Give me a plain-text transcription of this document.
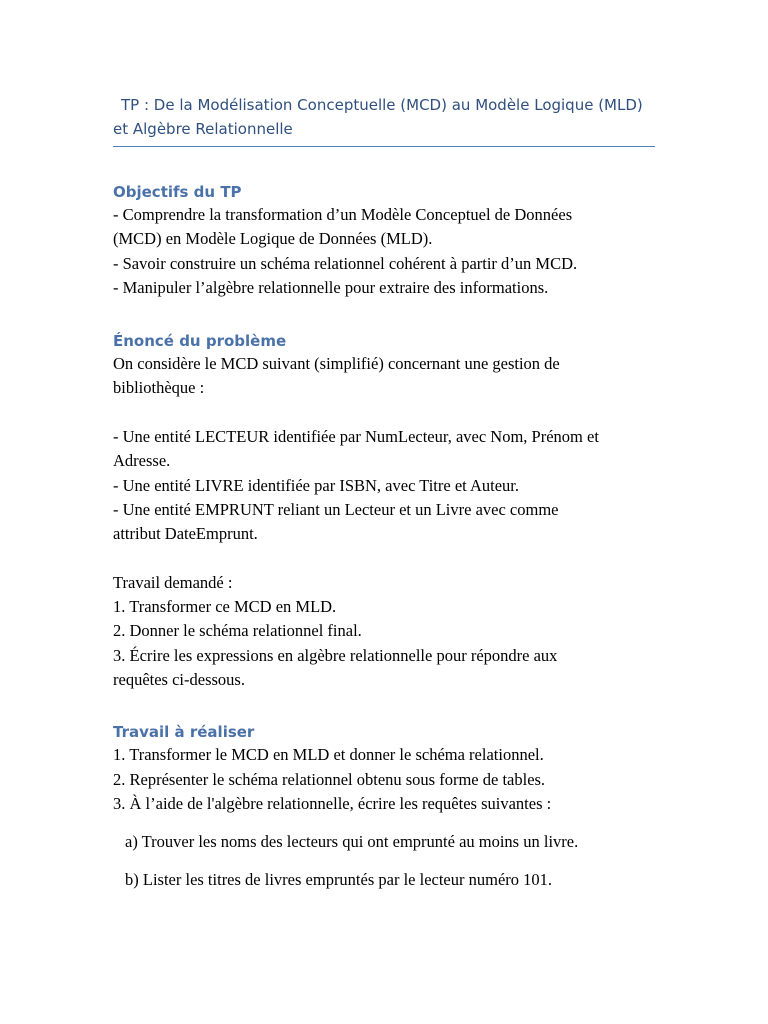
TP : De la Modélisation Conceptuelle (MCD) au Modèle Logique (MLD)
et Algèbre Relationnelle
Objectifs du TP

- Comprendre la transformation d’un Modèle Conceptuel de Données

(MCD) en Modèle Logique de Données (MLD).

- Savoir construire un schéma relationnel cohérent à partir d’un MCD.

- Manipuler l’algèbre relationnelle pour extraire des informations.

Énoncé du problème

On considère le MCD suivant (simplifié) concernant une gestion de

bibliothèque :

- Une entité LECTEUR identifiée par NumLecteur, avec Nom, Prénom et

Adresse.

- Une entité LIVRE identifiée par ISBN, avec Titre et Auteur.

- Une entité EMPRUNT reliant un Lecteur et un Livre avec comme

attribut DateEmprunt.

Travail demandé :

1. Transformer ce MCD en MLD.

2. Donner le schéma relationnel final.

3. Écrire les expressions en algèbre relationnelle pour répondre aux

requêtes ci-dessous.

Travail à réaliser

1. Transformer le MCD en MLD et donner le schéma relationnel.

2. Représenter le schéma relationnel obtenu sous forme de tables.

3. À l’aide de l'algèbre relationnelle, écrire les requêtes suivantes :

a) Trouver les noms des lecteurs qui ont emprunté au moins un livre.

b) Lister les titres de livres empruntés par le lecteur numéro 101.
